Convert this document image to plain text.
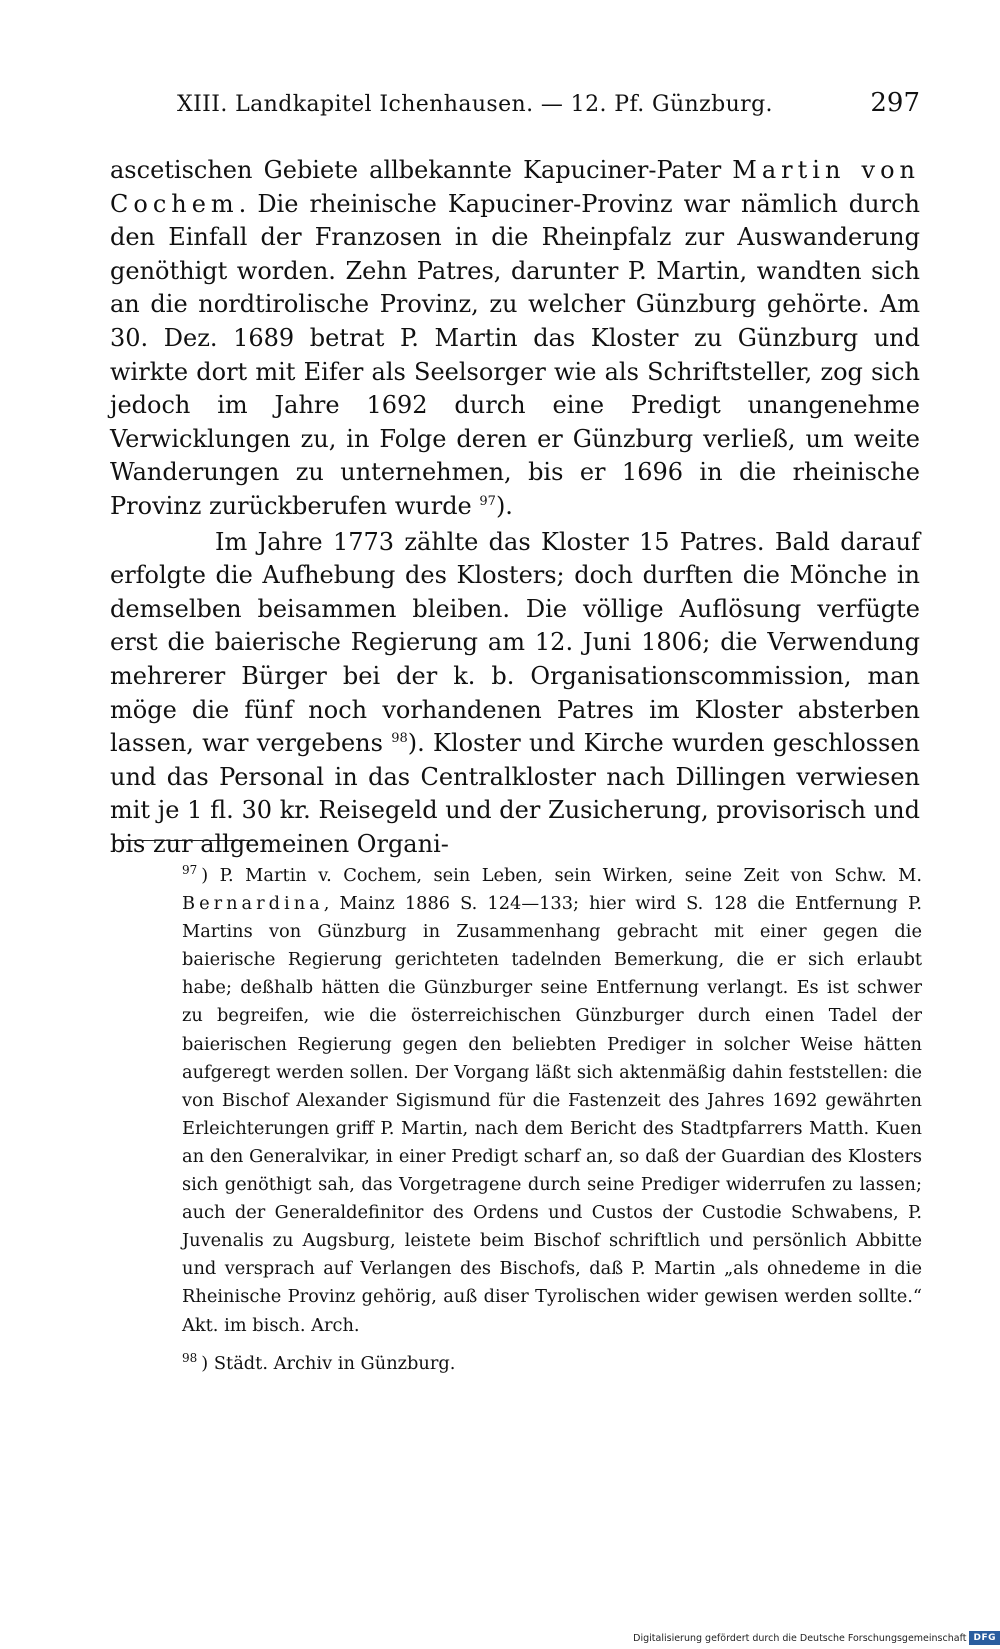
XIII. Landkapitel Ichenhausen. — 12. Pf. Günzburg.	297

ascetischen Gebiete allbekannte Kapuciner-Pater Martin von Cochem. Die rheinische Kapuciner-Provinz war nämlich durch den Einfall der Franzosen in die Rheinpfalz zur Auswanderung genöthigt worden. Zehn Patres, darunter P. Martin, wandten sich an die nordtirolische Provinz, zu welcher Günzburg gehörte. Am 30. Dez. 1689 betrat P. Martin das Kloster zu Günzburg und wirkte dort mit Eifer als Seelsorger wie als Schriftsteller, zog sich jedoch im Jahre 1692 durch eine Predigt unangenehme Verwicklungen zu, in Folge deren er Günzburg verließ, um weite Wanderungen zu unternehmen, bis er 1696 in die rheinische Provinz zurückberufen wurde $^{97}$).

Im Jahre 1773 zählte das Kloster 15 Patres. Bald darauf erfolgte die Aufhebung des Klosters; doch durften die Mönche in demselben beisammen bleiben. Die völlige Auflösung verfügte erst die baierische Regierung am 12. Juni 1806; die Verwendung mehrerer Bürger bei der k. b. Organisationscommission, man möge die fünf noch vorhandenen Patres im Kloster absterben lassen, war vergebens $^{98}$). Kloster und Kirche wurden geschlossen und das Personal in das Centralkloster nach Dillingen verwiesen mit je 1 fl. 30 kr. Reisegeld und der Zusicherung, provisorisch und bis zur allgemeinen Organi-

$^{97}$ ) P. Martin v. Cochem, sein Leben, sein Wirken, seine Zeit von Schw. M. Bernardina, Mainz 1886 S. 124—133; hier wird S. 128 die Entfernung P. Martins von Günzburg in Zusammenhang gebracht mit einer gegen die baierische Regierung gerichteten tadelnden Bemerkung, die er sich erlaubt habe; deßhalb hätten die Günzburger seine Entfernung verlangt. Es ist schwer zu begreifen, wie die österreichischen Günzburger durch einen Tadel der baierischen Regierung gegen den beliebten Prediger in solcher Weise hätten aufgeregt werden sollen. Der Vorgang läßt sich aktenmäßig dahin feststellen: die von Bischof Alexander Sigismund für die Fastenzeit des Jahres 1692 gewährten Erleichterungen griff P. Martin, nach dem Bericht des Stadtpfarrers Matth. Kuen an den Generalvikar, in einer Predigt scharf an, so daß der Guardian des Klosters sich genöthigt sah, das Vorgetragene durch seine Prediger widerrufen zu lassen; auch der Generaldefinitor des Ordens und Custos der Custodie Schwabens, P. Juvenalis zu Augsburg, leistete beim Bischof schriftlich und persönlich Abbitte und versprach auf Verlangen des Bischofs, daß P. Martin „als ohnedeme in die Rheinische Provinz gehörig, auß diser Tyrolischen wider gewisen werden sollte.“ Akt. im bisch. Arch.

$^{98}$ ) Städt. Archiv in Günzburg.

Digitalisierung gefördert durch die Deutsche Forschungsgemeinschaft DFG
